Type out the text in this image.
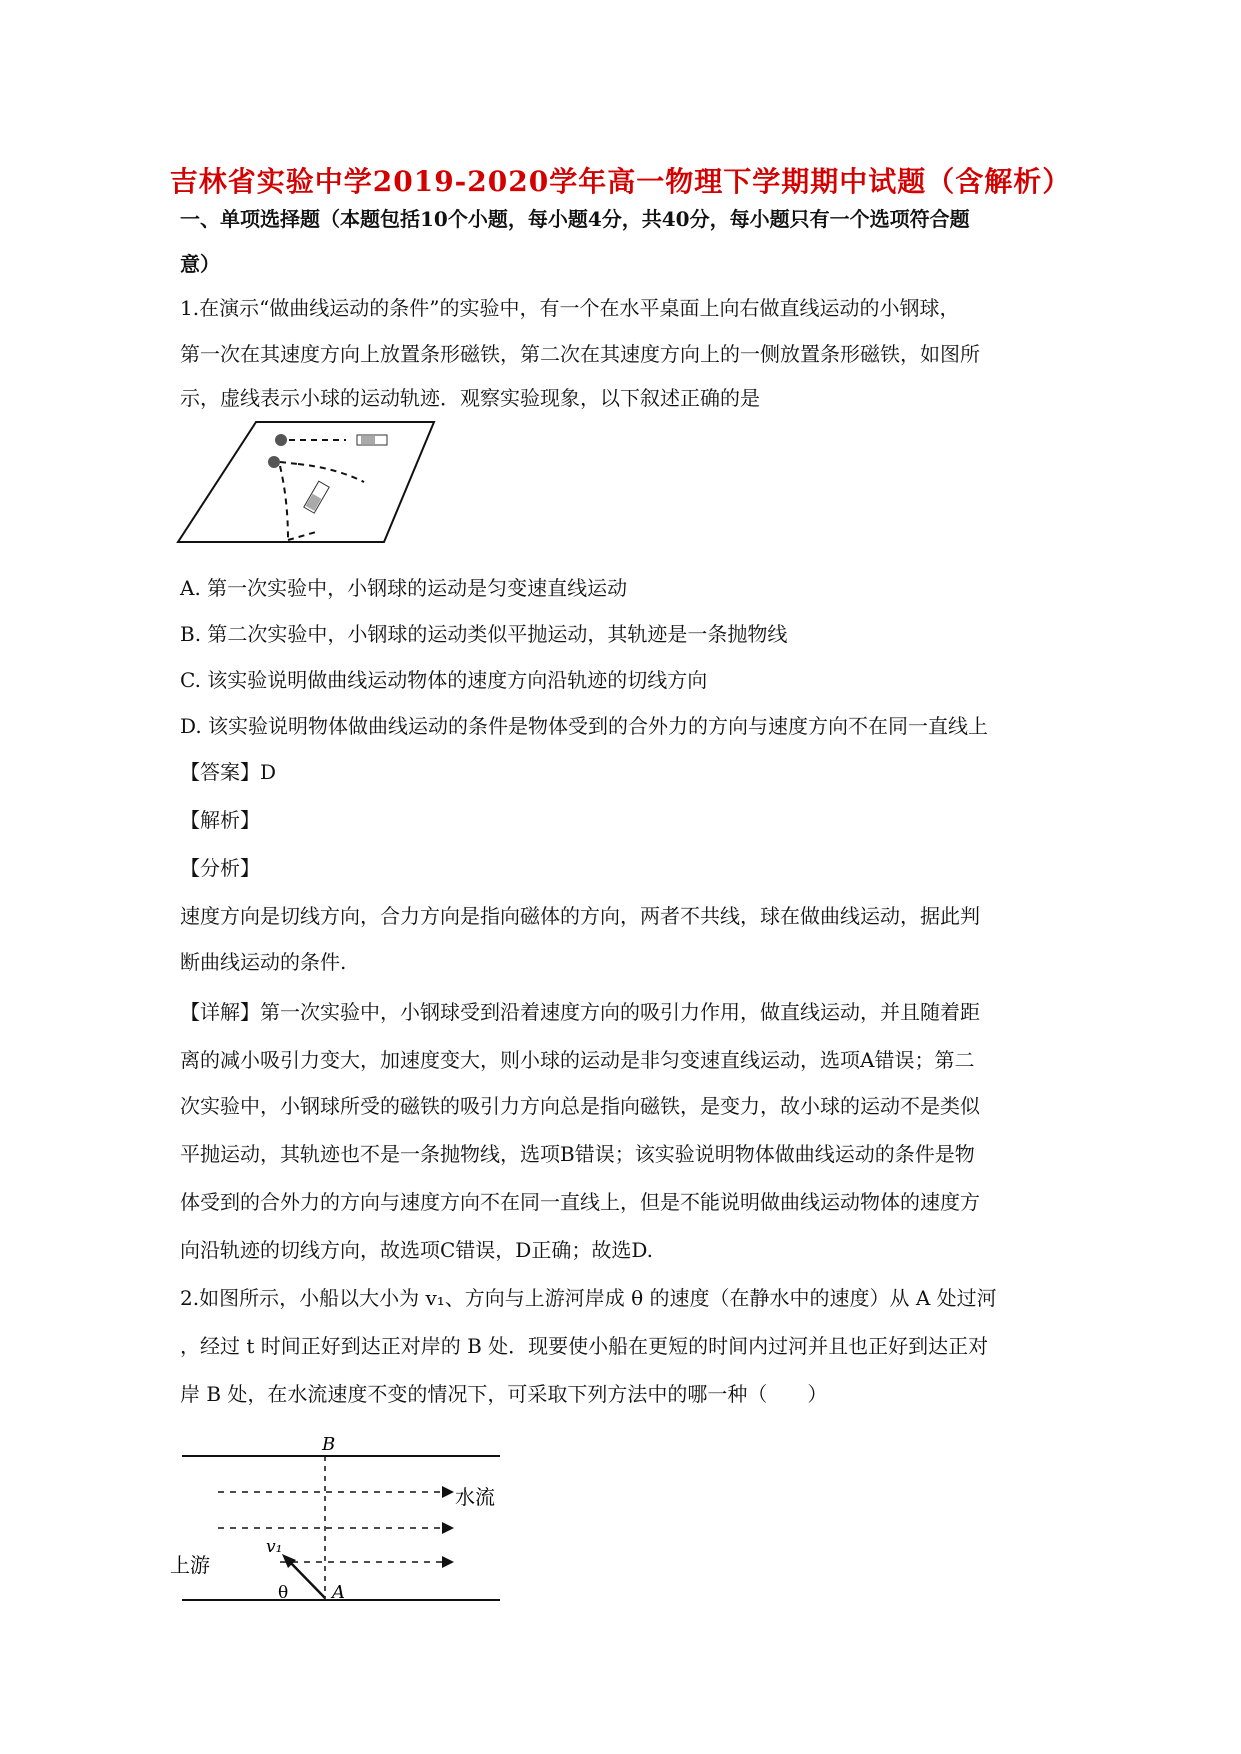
吉林省实验中学2019-2020学年高一物理下学期期中试题（含解析）
一、单项选择题（本题包括10个小题，每小题4分，共40分，每小题只有一个选项符合题
意）
1.在演示“做曲线运动的条件”的实验中，有一个在水平桌面上向右做直线运动的小钢球，
第一次在其速度方向上放置条形磁铁，第二次在其速度方向上的一侧放置条形磁铁，如图所
示，虚线表示小球的运动轨迹．观察实验现象，以下叙述正确的是
A. 第一次实验中，小钢球的运动是匀变速直线运动
B. 第二次实验中，小钢球的运动类似平抛运动，其轨迹是一条抛物线
C. 该实验说明做曲线运动物体的速度方向沿轨迹的切线方向
D. 该实验说明物体做曲线运动的条件是物体受到的合外力的方向与速度方向不在同一直线上
【答案】D
【解析】
【分析】
速度方向是切线方向，合力方向是指向磁体的方向，两者不共线，球在做曲线运动，据此判
断曲线运动的条件.
【详解】第一次实验中，小钢球受到沿着速度方向的吸引力作用，做直线运动，并且随着距
离的减小吸引力变大，加速度变大，则小球的运动是非匀变速直线运动，选项A错误；第二
次实验中，小钢球所受的磁铁的吸引力方向总是指向磁铁，是变力，故小球的运动不是类似
平抛运动，其轨迹也不是一条抛物线，选项B错误；该实验说明物体做曲线运动的条件是物
体受到的合外力的方向与速度方向不在同一直线上，但是不能说明做曲线运动物体的速度方
向沿轨迹的切线方向，故选项C错误，D正确；故选D.
2.如图所示，小船以大小为 v₁、方向与上游河岸成 θ 的速度（在静水中的速度）从 A 处过河
，经过 t 时间正好到达正对岸的 B 处．现要使小船在更短的时间内过河并且也正好到达正对
岸 B 处，在水流速度不变的情况下，可采取下列方法中的哪一种（　　）
B
水流
上游
v₁
θ A
